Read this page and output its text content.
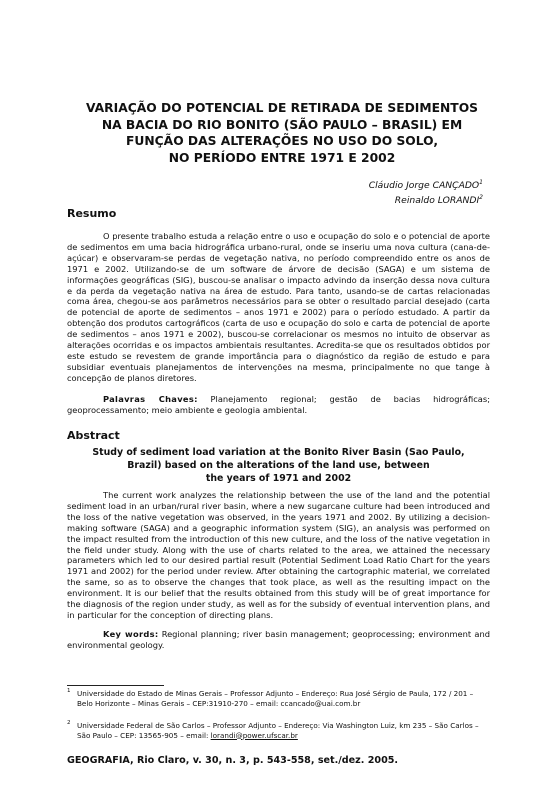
VARIAÇÃO DO POTENCIAL DE RETIRADA DE SEDIMENTOS
NA BACIA DO RIO BONITO (SÃO PAULO – BRASIL) EM
FUNÇÃO DAS ALTERAÇÕES NO USO DO SOLO,
NO PERÍODO ENTRE 1971 E 2002
Cláudio Jorge CANÇADO$^1$
Reinaldo LORANDI$^2$
Resumo

O presente trabalho estuda a relação entre o uso e ocupação do solo e o potencial de aporte de sedimentos em uma bacia hidrográfica urbano-rural, onde se inseriu uma nova cultura (cana-de-açúcar) e observaram-se perdas de vegetação nativa, no período compreendido entre os anos de 1971 e 2002. Utilizando-se de um software de árvore de decisão (SAGA) e um sistema de informações geográficas (SIG), buscou-se analisar o impacto advindo da inserção dessa nova cultura e da perda da vegetação nativa na área de estudo. Para tanto, usando-se de cartas relacionadas coma área, chegou-se aos parâmetros necessários para se obter o resultado parcial desejado (carta de potencial de aporte de sedimentos – anos 1971 e 2002) para o período estudado. A partir da obtenção dos produtos cartográficos (carta de uso e ocupação do solo e carta de potencial de aporte de sedimentos – anos 1971 e 2002), buscou-se correlacionar os mesmos no intuito de observar as alterações ocorridas e os impactos ambientais resultantes. Acredita-se que os resultados obtidos por este estudo se revestem de grande importância para o diagnóstico da região de estudo e para subsidiar eventuais planejamentos de intervenções na mesma, principalmente no que tange à concepção de planos diretores.

Palavras Chaves: Planejamento regional; gestão de bacias hidrográficas; geoprocessamento; meio ambiente e geologia ambiental.
Abstract
Study of sediment load variation at the Bonito River Basin (Sao Paulo,
Brazil) based on the alterations of the land use, between
the years of 1971 and 2002

The current work analyzes the relationship between the use of the land and the potential sediment load in an urban/rural river basin, where a new sugarcane culture had been introduced and the loss of the native vegetation was observed, in the years 1971 and 2002. By utilizing a decision-making software (SAGA) and a geographic information system (SIG), an analysis was performed on the impact resulted from the introduction of this new culture, and the loss of the native vegetation in the field under study. Along with the use of charts related to the area, we attained the necessary parameters which led to our desired partial result (Potential Sediment Load Ratio Chart for the years 1971 and 2002) for the period under review. After obtaining the cartographic material, we correlated the same, so as to observe the changes that took place, as well as the resulting impact on the environment. It is our belief that the results obtained from this study will be of great importance for the diagnosis of the region under study, as well as for the subsidy of eventual intervention plans, and in particular for the conception of directing plans.

Key words: Regional planning; river basin management; geoprocessing; environment and environmental geology.
1 Universidade do Estado de Minas Gerais – Professor Adjunto – Endereço: Rua José Sérgio de Paula, 172 / 201 – Belo Horizonte – Minas Gerais – CEP:31910-270 – email: ccancado@uai.com.br
2 Universidade Federal de São Carlos – Professor Adjunto – Endereço: Via Washington Luiz, km 235 – São Carlos – São Paulo – CEP: 13565-905 – email: lorandi@power.ufscar.br
GEOGRAFIA, Rio Claro, v. 30, n. 3, p. 543-558, set./dez. 2005.
